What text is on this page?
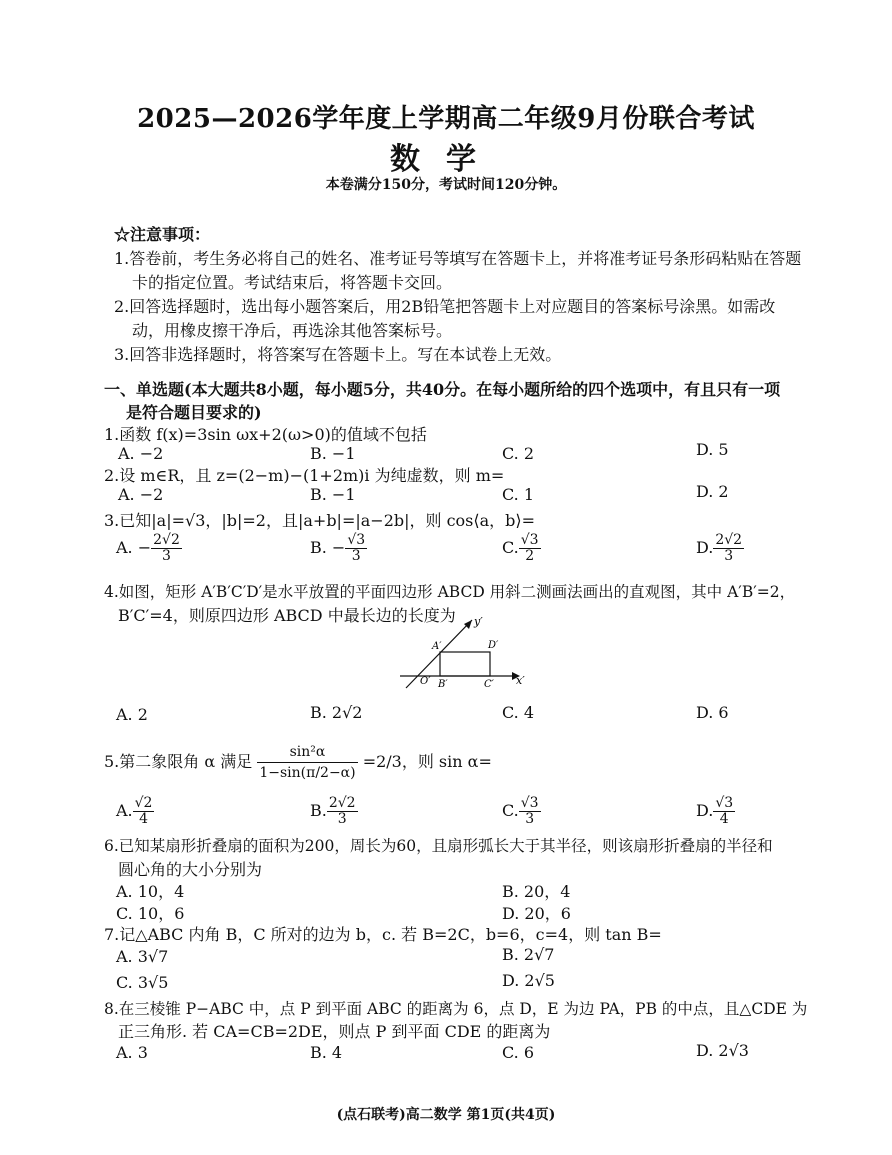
2025—2026学年度上学期高二年级9月份联合考试
数学
本卷满分150分，考试时间120分钟。
☆注意事项：
1.答卷前，考生务必将自己的姓名、准考证号等填写在答题卡上，并将准考证号条形码粘贴在答题
卡的指定位置。考试结束后，将答题卡交回。
2.回答选择题时，选出每小题答案后，用2B铅笔把答题卡上对应题目的答案标号涂黑。如需改
动，用橡皮擦干净后，再选涂其他答案标号。
3.回答非选择题时，将答案写在答题卡上。写在本试卷上无效。
一、单选题(本大题共8小题，每小题5分，共40分。在每小题所给的四个选项中，有且只有一项
是符合题目要求的)
1.函数 f(x)=3sin ωx+2(ω>0)的值域不包括
A. −2	B. −1	C. 2	D. 5
2.设 m∈R，且 z=(2−m)−(1+2m)i 为纯虚数，则 m=
A. −2	B. −1	C. 1	D. 2
3.已知|a|=√3，|b|=2，且|a+b|=|a−2b|，则 cos⟨a，b⟩=
A. − $\frac{2√2}{3}$	B. − $\frac{√3}{3}$	C. $\frac{√3}{2}$	D. $\frac{2√2}{3}$
4.如图，矩形 A′B′C′D′是水平放置的平面四边形 ABCD 用斜二测画法画出的直观图，其中 A′B′=2，
B′C′=4，则原四边形 ABCD 中最长边的长度为 y′
x′
O′
A′
B′	C′
D′
A. 2	B. 2√2	C. 4	D. 6
5.第二象限角 α 满足 $\frac{\text{sin²α}}{1-\sin(\pi/2-\alpha)} =2/3$，则 sin α=
A. $\frac{√2}{4}$	B. $\frac{2√2}{3}$	C. $\frac{√3}{3}$	D. $\frac{√3}{4}$
6.已知某扇形折叠扇的面积为200，周长为60，且扇形弧长大于其半径，则该扇形折叠扇的半径和
圆心角的大小分别为
A. 10，4	B. 20，4
C. 10，6	D. 20，6
7.记△ABC 内角 B，C 所对的边为 b，c. 若 B=2C，b=6，c=4，则 tan B=
A. 3√7	B. 2√7
C. 3√5	D. 2√5
8.在三棱锥 P−ABC 中，点 P 到平面 ABC 的距离为 6，点 D，E 为边 PA，PB 的中点，且△CDE 为
正三角形. 若 CA=CB=2DE，则点 P 到平面 CDE 的距离为
A. 3	B. 4	C. 6	D. 2√3
(点石联考)高二数学 第1页(共4页)
